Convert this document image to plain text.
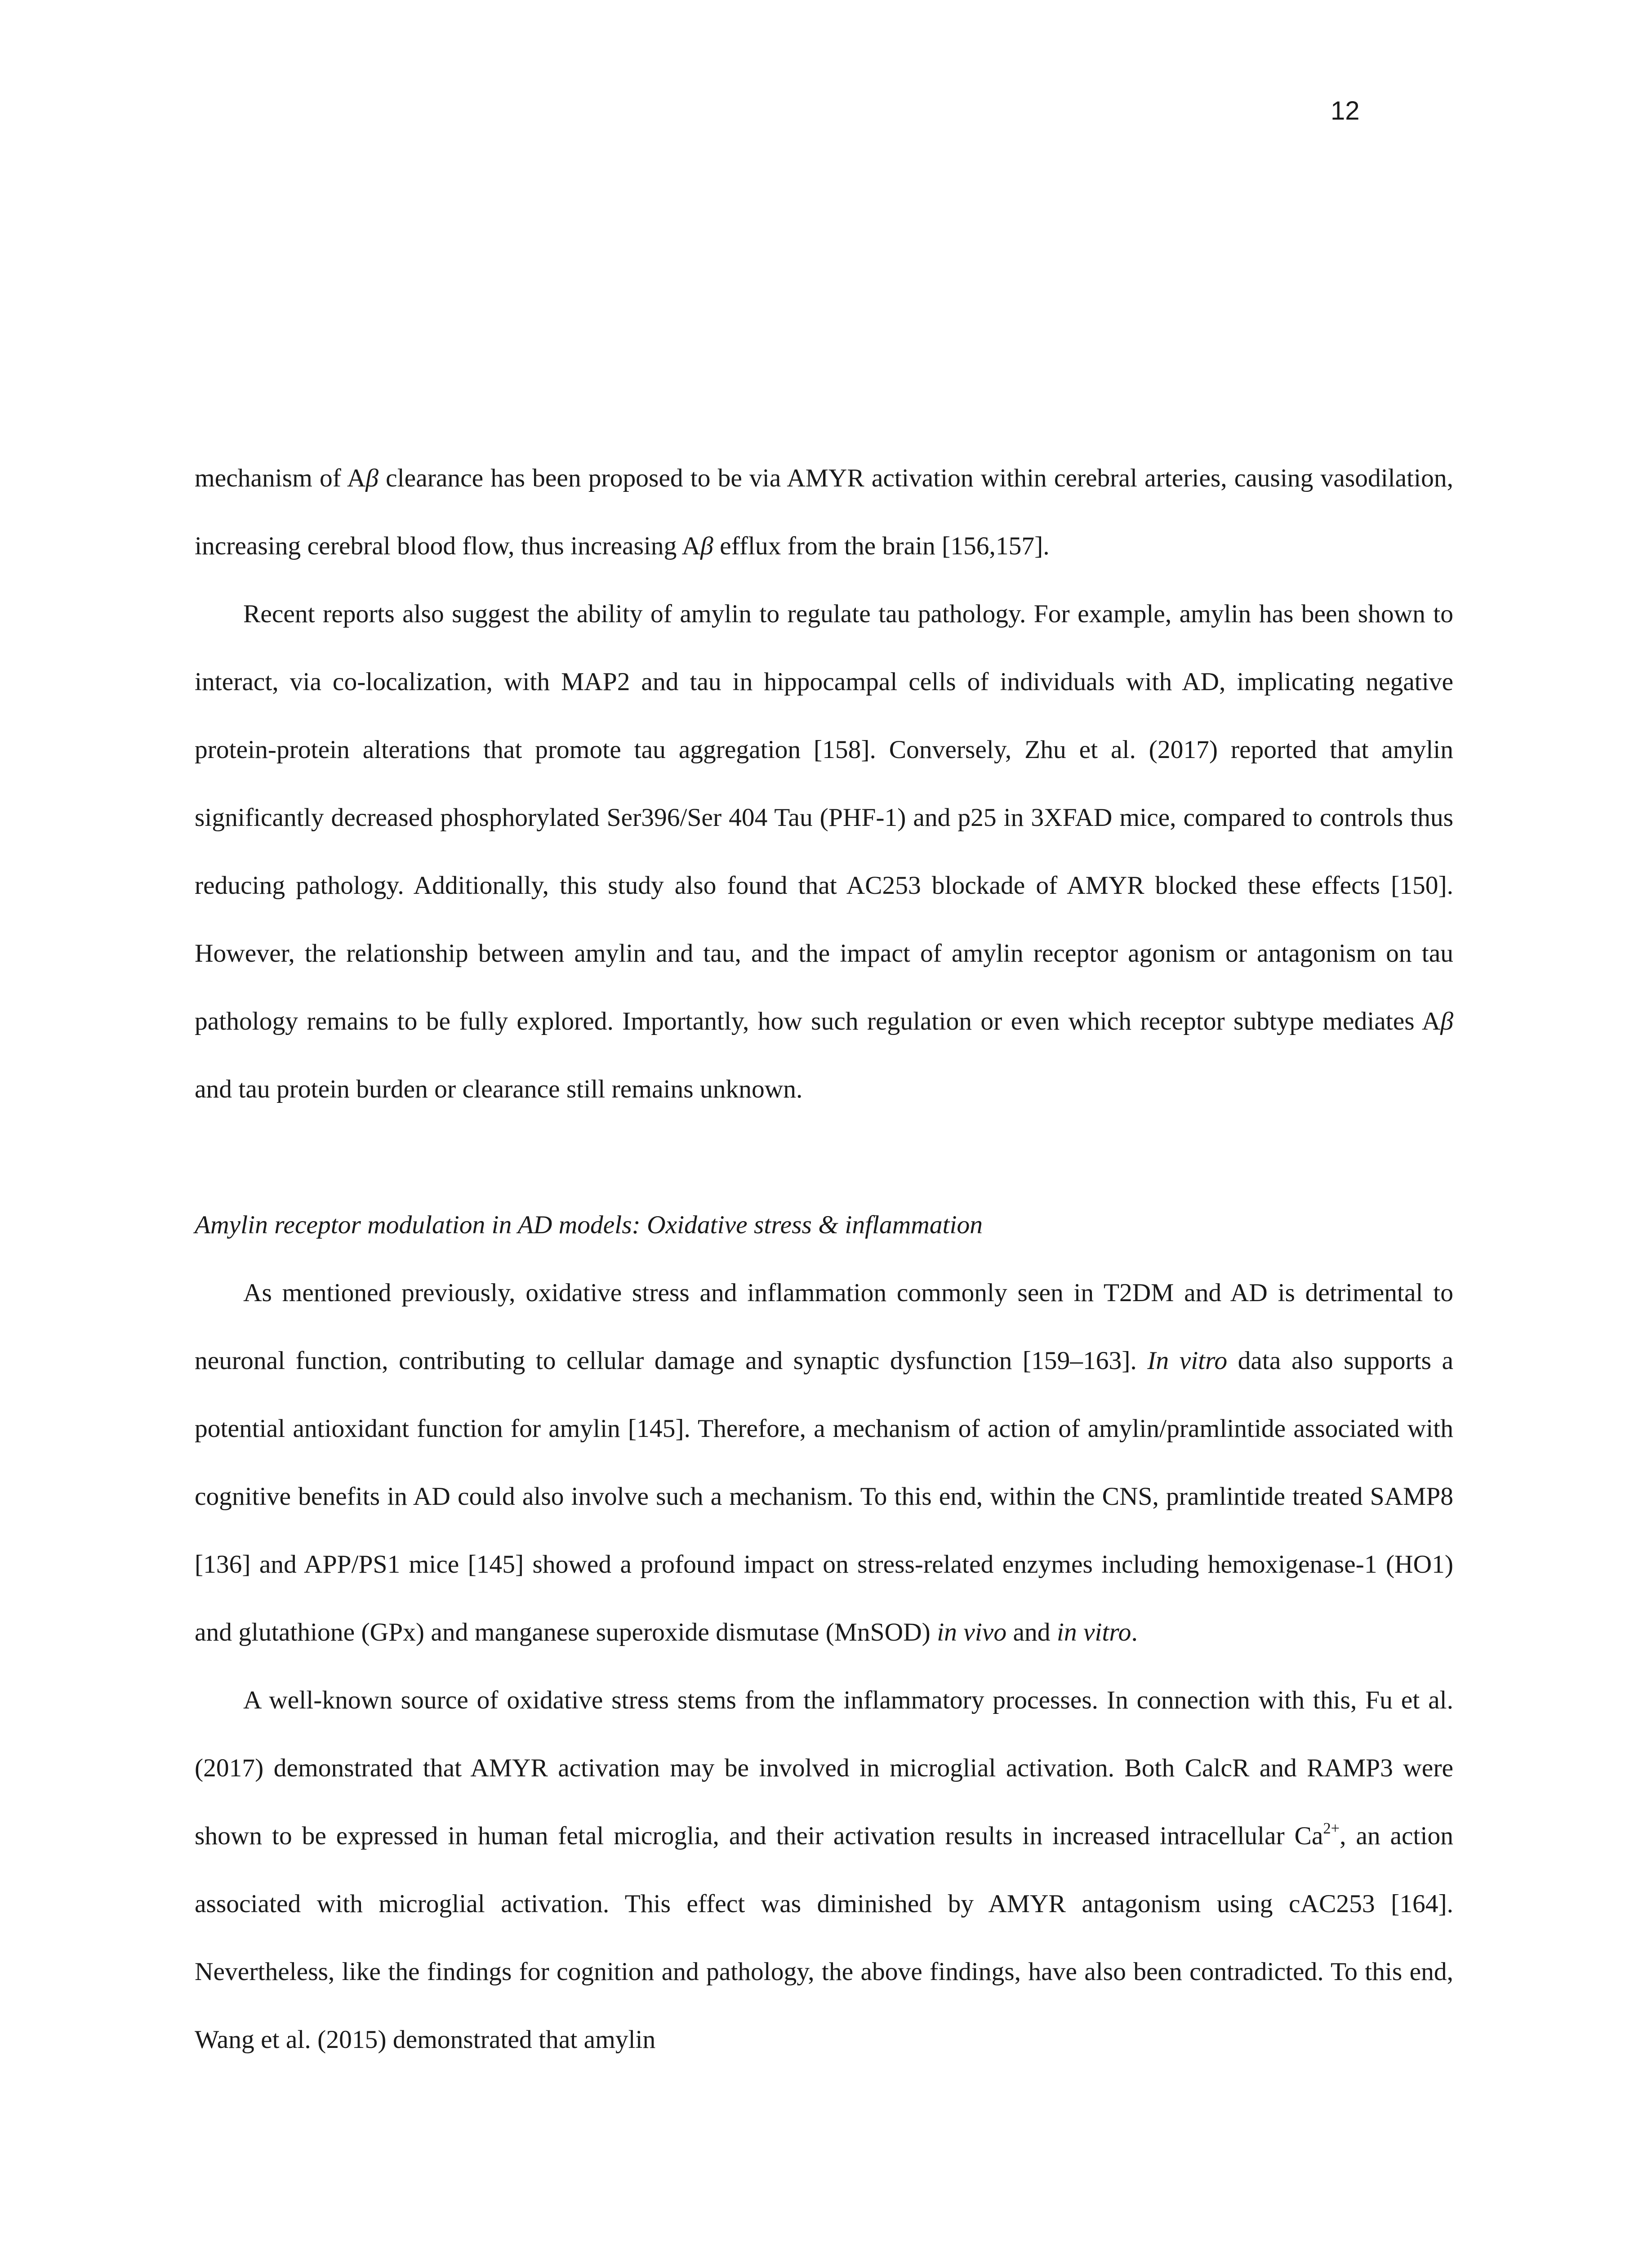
12

mechanism of Aβ clearance has been proposed to be via AMYR activation within cerebral arteries, causing vasodilation, increasing cerebral blood flow, thus increasing Aβ efflux from the brain [156,157].

Recent reports also suggest the ability of amylin to regulate tau pathology. For example, amylin has been shown to interact, via co-localization, with MAP2 and tau in hippocampal cells of individuals with AD, implicating negative protein-protein alterations that promote tau aggregation [158]. Conversely, Zhu et al. (2017) reported that amylin significantly decreased phosphorylated Ser396/Ser 404 Tau (PHF-1) and p25 in 3XFAD mice, compared to controls thus reducing pathology. Additionally, this study also found that AC253 blockade of AMYR blocked these effects [150]. However, the relationship between amylin and tau, and the impact of amylin receptor agonism or antagonism on tau pathology remains to be fully explored. Importantly, how such regulation or even which receptor subtype mediates Aβ and tau protein burden or clearance still remains unknown.

Amylin receptor modulation in AD models: Oxidative stress & inflammation

As mentioned previously, oxidative stress and inflammation commonly seen in T2DM and AD is detrimental to neuronal function, contributing to cellular damage and synaptic dysfunction [159–163]. In vitro data also supports a potential antioxidant function for amylin [145]. Therefore, a mechanism of action of amylin/pramlintide associated with cognitive benefits in AD could also involve such a mechanism. To this end, within the CNS, pramlintide treated SAMP8 [136] and APP/PS1 mice [145] showed a profound impact on stress-related enzymes including hemoxigenase-1 (HO1) and glutathione (GPx) and manganese superoxide dismutase (MnSOD) in vivo and in vitro.

A well-known source of oxidative stress stems from the inflammatory processes. In connection with this, Fu et al. (2017) demonstrated that AMYR activation may be involved in microglial activation. Both CalcR and RAMP3 were shown to be expressed in human fetal microglia, and their activation results in increased intracellular $Ca^{2+}$, an action associated with microglial activation. This effect was diminished by AMYR antagonism using cAC253 [164]. Nevertheless, like the findings for cognition and pathology, the above findings, have also been contradicted. To this end, Wang et al. (2015) demonstrated that amylin
